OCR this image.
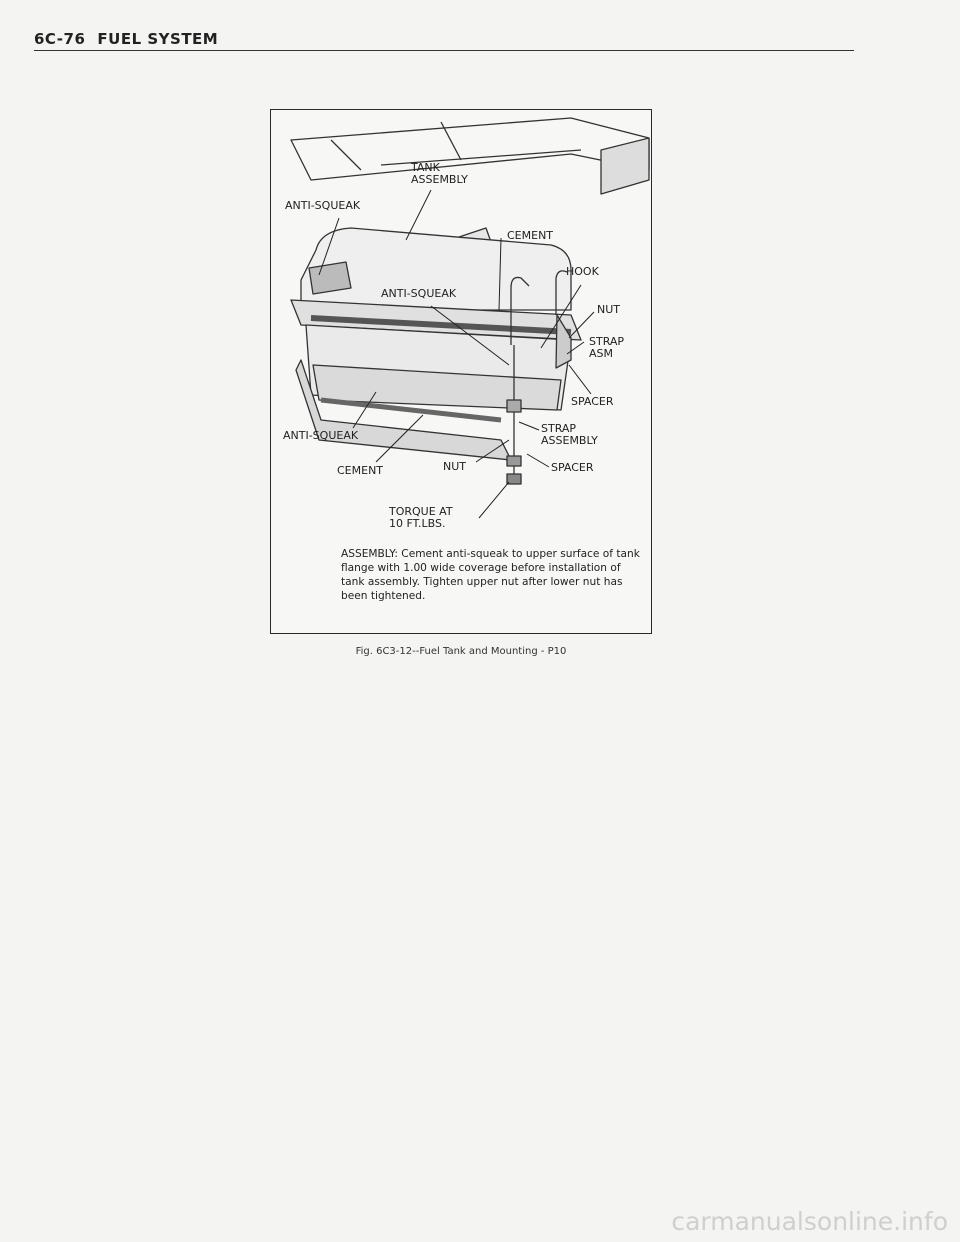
6C-76 FUEL SYSTEM
TANK
ASSEMBLY
ANTI-SQUEAK
CEMENT
HOOK
ANTI-SQUEAK
NUT
STRAP
ASM
SPACER
STRAP
ASSEMBLY
ANTI-SQUEAK
CEMENT	NUT	SPACER
TORQUE AT
10 FT.LBS.
ASSEMBLY: Cement anti-squeak to upper surface of tank flange with 1.00 wide coverage before installation of tank assembly. Tighten upper nut after lower nut has been tightened.
Fig. 6C3-12--Fuel Tank and Mounting - P10
carmanualsonline.info
